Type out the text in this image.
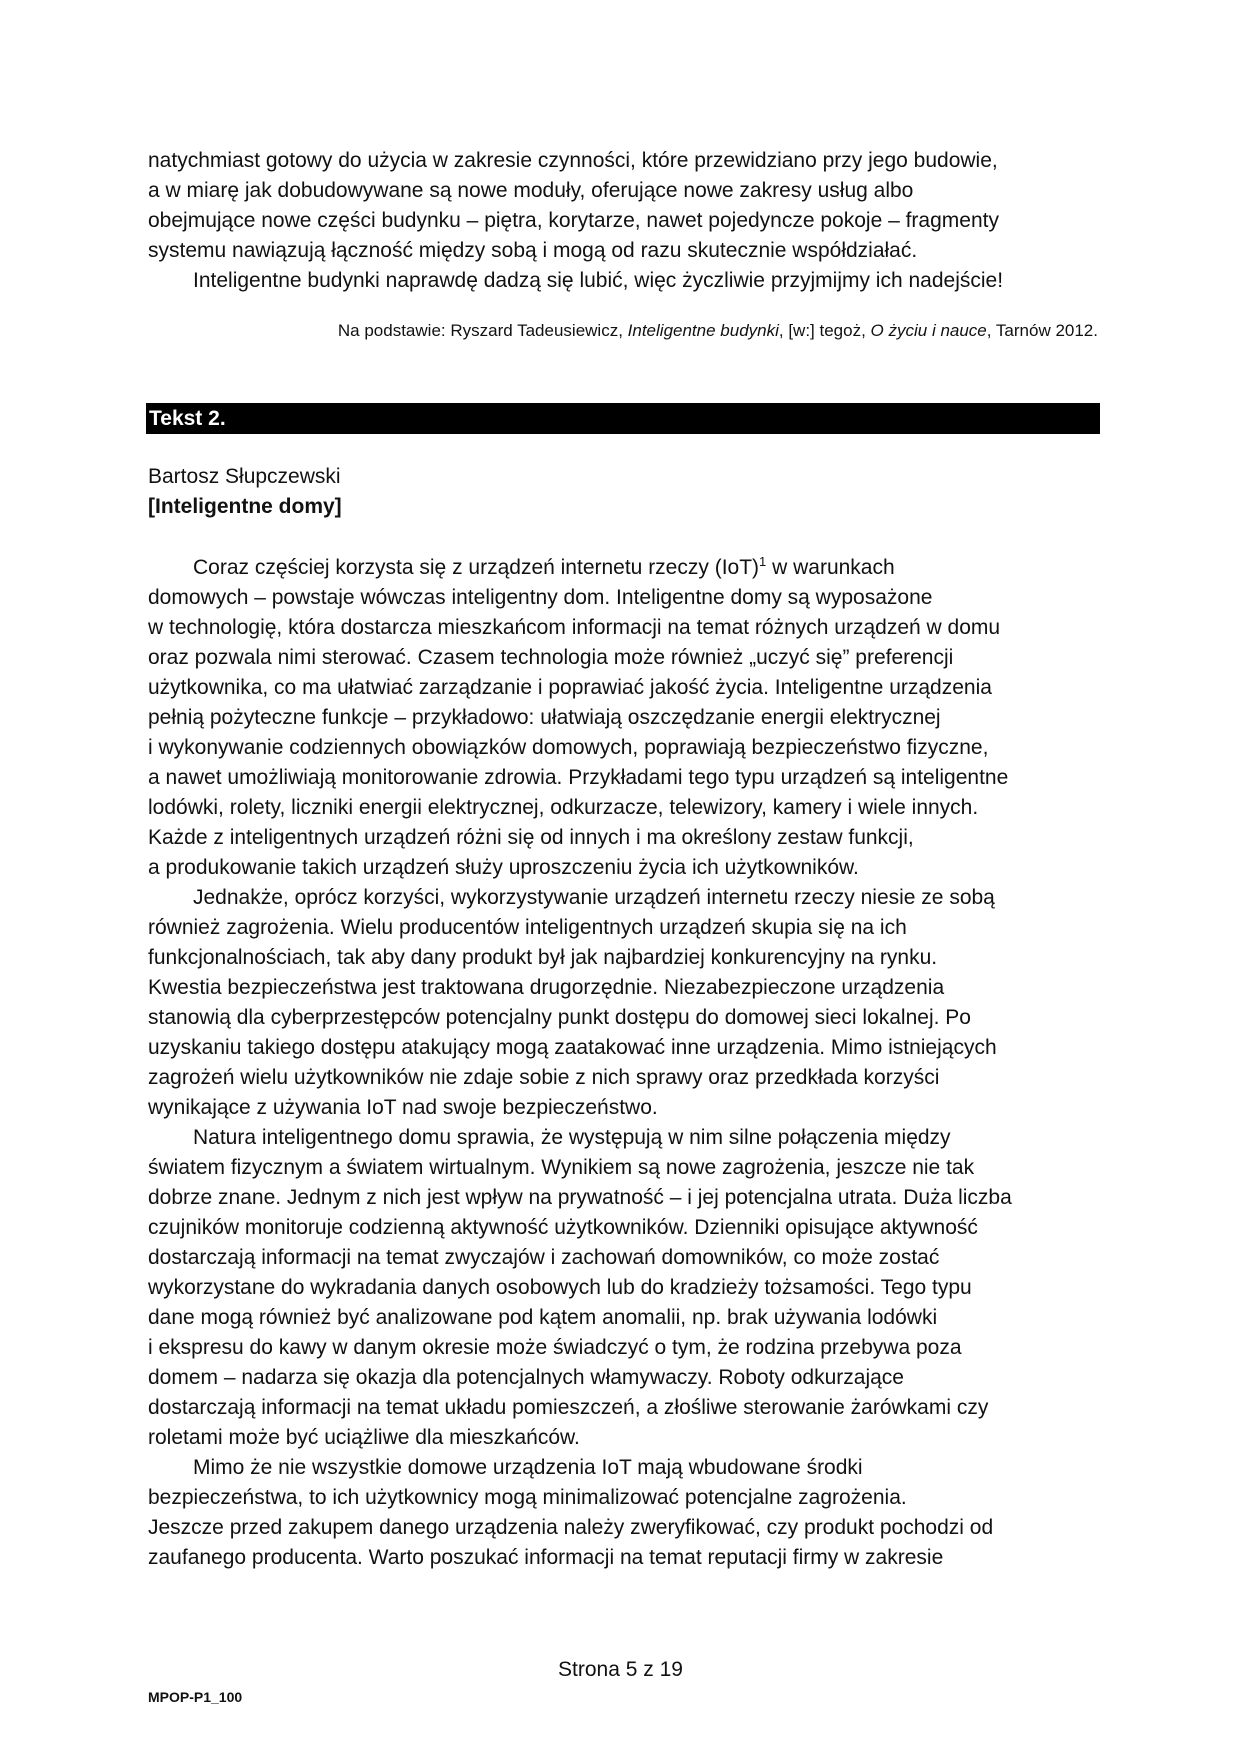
natychmiast gotowy do użycia w zakresie czynności, które przewidziano przy jego budowie,
a w miarę jak dobudowywane są nowe moduły, oferujące nowe zakresy usług albo
obejmujące nowe części budynku – piętra, korytarze, nawet pojedyncze pokoje – fragmenty
systemu nawiązują łączność między sobą i mogą od razu skutecznie współdziałać.
Inteligentne budynki naprawdę dadzą się lubić, więc życzliwie przyjmijmy ich nadejście!
Na podstawie: Ryszard Tadeusiewicz, Inteligentne budynki, [w:] tegoż, O życiu i nauce, Tarnów 2012.
Tekst 2.
Bartosz Słupczewski
[Inteligentne domy]
Coraz częściej korzysta się z urządzeń internetu rzeczy (IoT)$^1$ w warunkach
domowych – powstaje wówczas inteligentny dom. Inteligentne domy są wyposażone
w technologię, która dostarcza mieszkańcom informacji na temat różnych urządzeń w domu
oraz pozwala nimi sterować. Czasem technologia może również „uczyć się” preferencji
użytkownika, co ma ułatwiać zarządzanie i poprawiać jakość życia. Inteligentne urządzenia
pełnią pożyteczne funkcje – przykładowo: ułatwiają oszczędzanie energii elektrycznej
i wykonywanie codziennych obowiązków domowych, poprawiają bezpieczeństwo fizyczne,
a nawet umożliwiają monitorowanie zdrowia. Przykładami tego typu urządzeń są inteligentne
lodówki, rolety, liczniki energii elektrycznej, odkurzacze, telewizory, kamery i wiele innych.
Każde z inteligentnych urządzeń różni się od innych i ma określony zestaw funkcji,
a produkowanie takich urządzeń służy uproszczeniu życia ich użytkowników.
Jednakże, oprócz korzyści, wykorzystywanie urządzeń internetu rzeczy niesie ze sobą
również zagrożenia. Wielu producentów inteligentnych urządzeń skupia się na ich
funkcjonalnościach, tak aby dany produkt był jak najbardziej konkurencyjny na rynku.
Kwestia bezpieczeństwa jest traktowana drugorzędnie. Niezabezpieczone urządzenia
stanowią dla cyberprzestępców potencjalny punkt dostępu do domowej sieci lokalnej. Po
uzyskaniu takiego dostępu atakujący mogą zaatakować inne urządzenia. Mimo istniejących
zagrożeń wielu użytkowników nie zdaje sobie z nich sprawy oraz przedkłada korzyści
wynikające z używania IoT nad swoje bezpieczeństwo.
Natura inteligentnego domu sprawia, że występują w nim silne połączenia między
światem fizycznym a światem wirtualnym. Wynikiem są nowe zagrożenia, jeszcze nie tak
dobrze znane. Jednym z nich jest wpływ na prywatność – i jej potencjalna utrata. Duża liczba
czujników monitoruje codzienną aktywność użytkowników. Dzienniki opisujące aktywność
dostarczają informacji na temat zwyczajów i zachowań domowników, co może zostać
wykorzystane do wykradania danych osobowych lub do kradzieży tożsamości. Tego typu
dane mogą również być analizowane pod kątem anomalii, np. brak używania lodówki
i ekspresu do kawy w danym okresie może świadczyć o tym, że rodzina przebywa poza
domem – nadarza się okazja dla potencjalnych włamywaczy. Roboty odkurzające
dostarczają informacji na temat układu pomieszczeń, a złośliwe sterowanie żarówkami czy
roletami może być uciążliwe dla mieszkańców.
Mimo że nie wszystkie domowe urządzenia IoT mają wbudowane środki
bezpieczeństwa, to ich użytkownicy mogą minimalizować potencjalne zagrożenia.
Jeszcze przed zakupem danego urządzenia należy zweryfikować, czy produkt pochodzi od
zaufanego producenta. Warto poszukać informacji na temat reputacji firmy w zakresie
Strona 5 z 19
MPOP-P1_100
